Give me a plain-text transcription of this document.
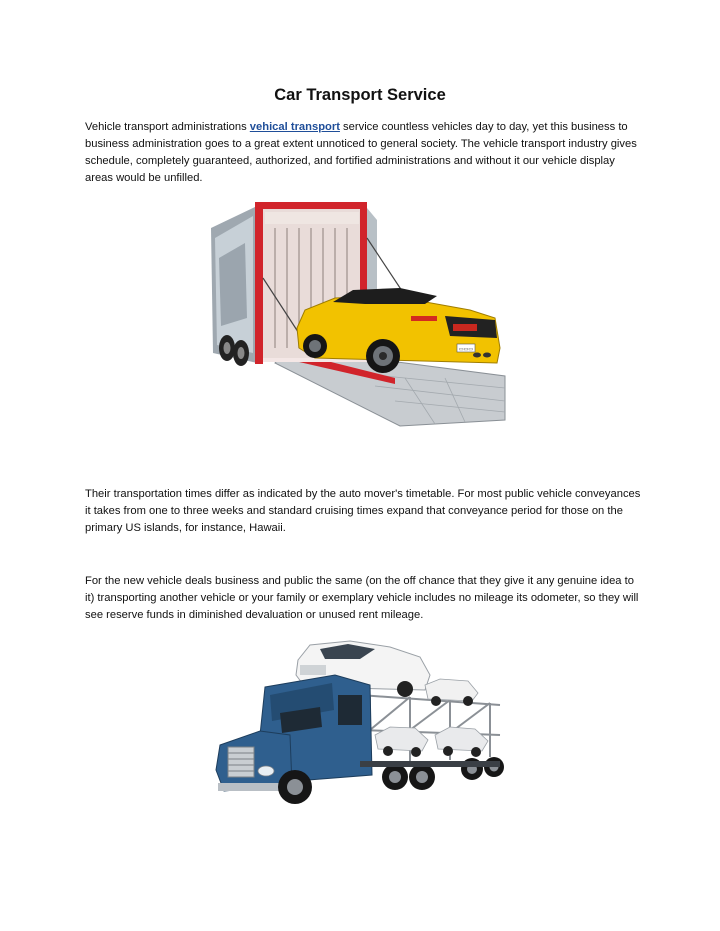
Car Transport Service
Vehicle transport administrations vehical transport service countless vehicles day to day, yet this business to business administration goes to a great extent unnoticed to general society. The vehicle transport industry gives schedule, completely guaranteed, authorized, and fortified administrations and without it our vehicle display areas would be unfilled.
▭▭▭
Their transportation times differ as indicated by the auto mover's timetable. For most public vehicle conveyances it takes from one to three weeks and standard cruising times expand that conveyance period for those on the primary US islands, for instance, Hawaii.
For the new vehicle deals business and public the same (on the off chance that they give it any genuine idea to it) transporting another vehicle or your family or exemplary vehicle includes no mileage its odometer, so they will see reserve funds in diminished devaluation or unused rent mileage.
